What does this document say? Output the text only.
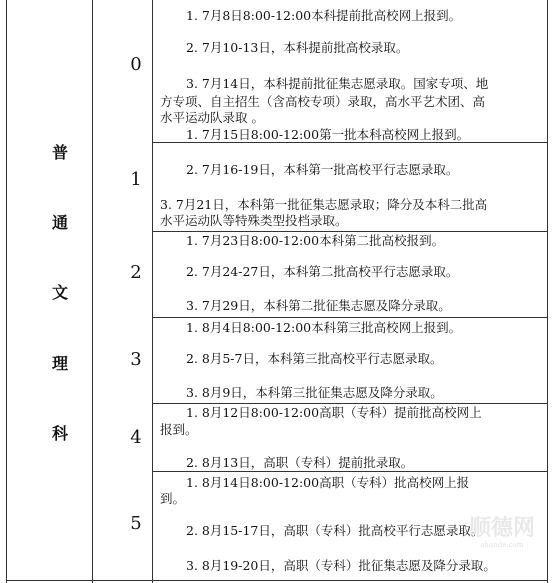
普
通
文
理
科
0
1
2
3
4
5
1. 7月8日8:00-12:00本科提前批高校网上报到。
2. 7月10-13日，本科提前批高校录取。
3. 7月14日，本科提前批征集志愿录取。国家专项、地
方专项、自主招生（含高校专项）录取，高水平艺术团、高
水平运动队录取 。
1. 7月15日8:00-12:00第一批本科高校网上报到。
2. 7月16-19日，本科第一批高校平行志愿录取。
3. 7月21日，本科第一批征集志愿录取；降分及本科二批高
水平运动队等特殊类型投档录取。
1. 7月23日8:00-12:00本科第二批高校报到。
2. 7月24-27日，本科第二批高校平行志愿录取。
3. 7月29日，本科第二批征集志愿及降分录取。
1. 8月4日8:00-12:00本科第三批高校网上报到。
2. 8月5-7日，本科第三批高校平行志愿录取。
3. 8月9日，本科第三批征集志愿及降分录取。
1. 8月12日8:00-12:00高职（专科）提前批高校网上
报到。
2. 8月13日，高职（专科）提前批录取。
1. 8月14日8:00-12:00高职（专科）批高校网上报
到。
2. 8月15-17日，高职（专科）批高校平行志愿录取。
3. 8月19-20日，高职（专科）批征集志愿及降分录取。
顺德网
shunde.com
